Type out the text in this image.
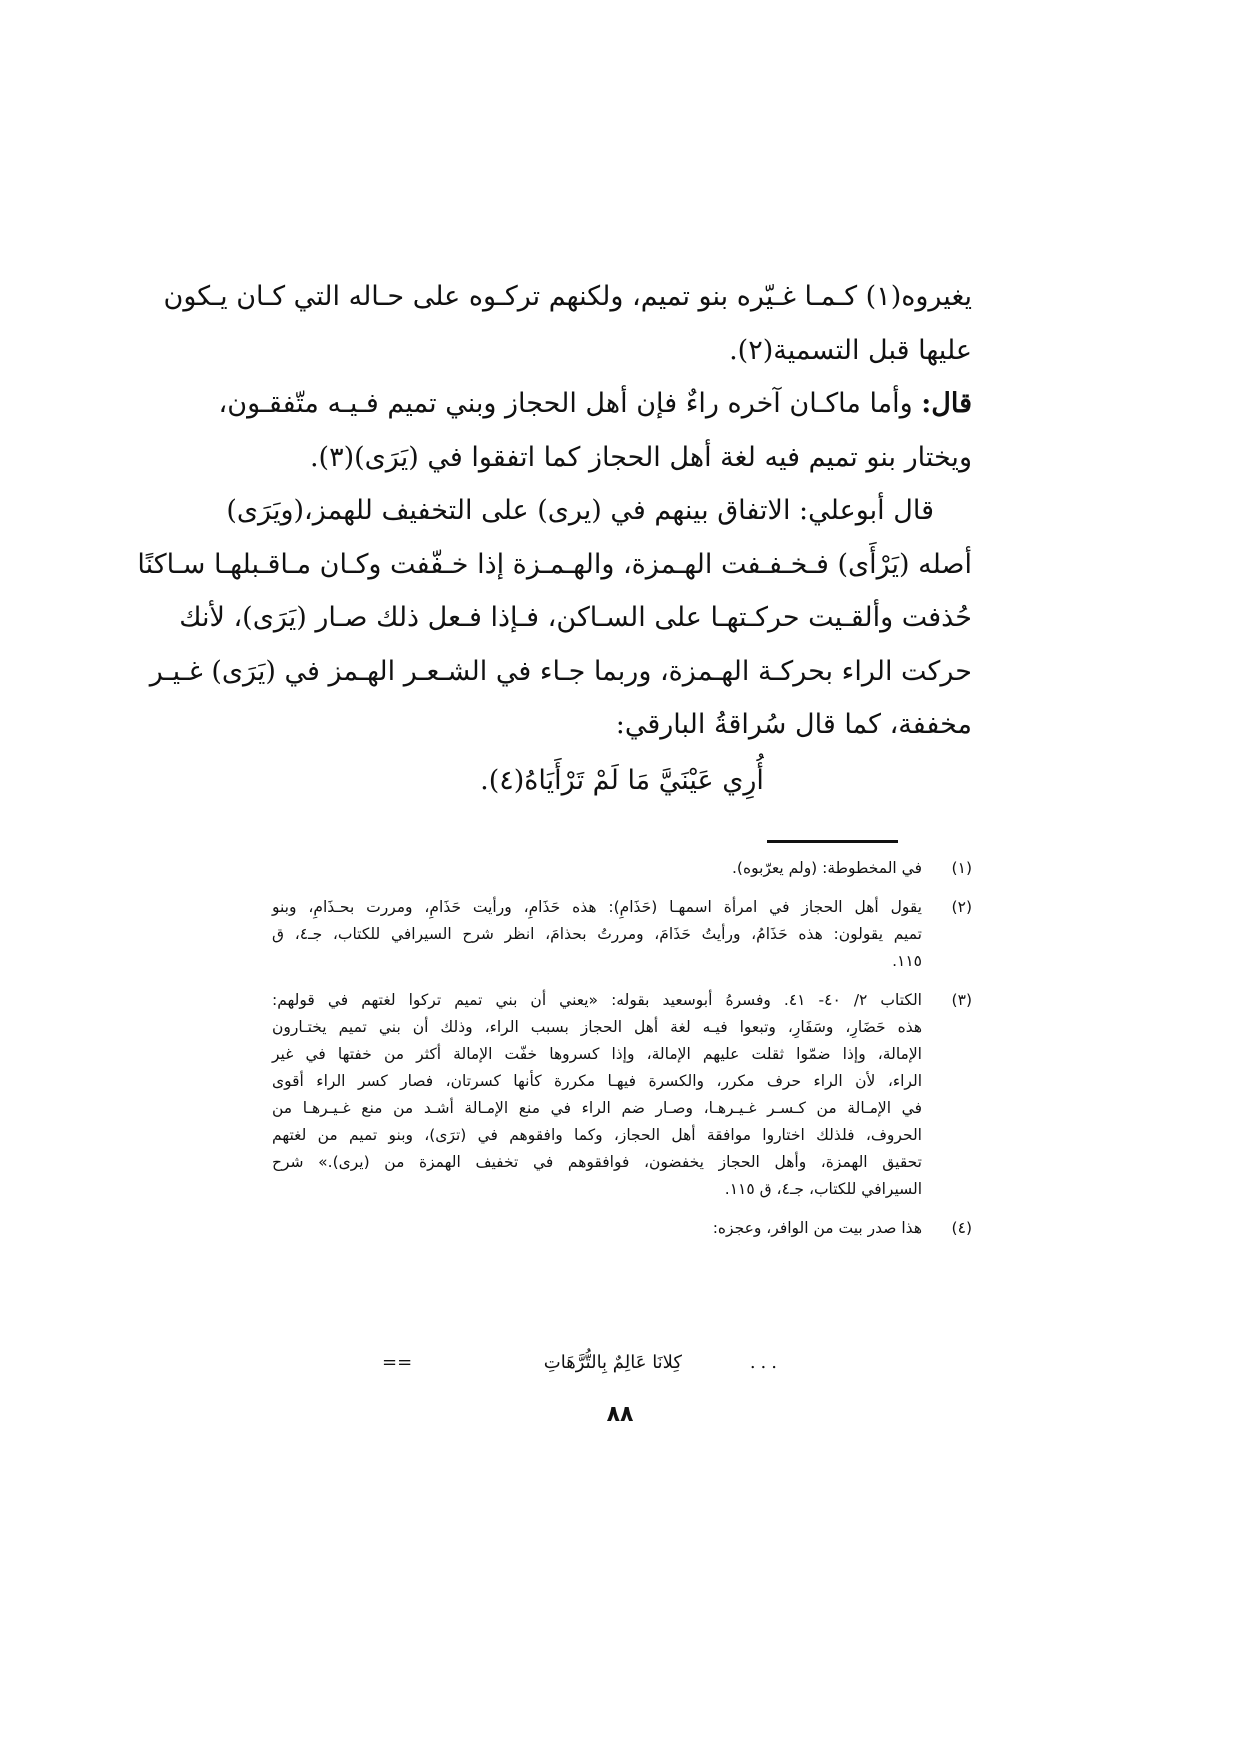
يغيروه(١) كـمـا غـيّره بنو تميم، ولكنهم تركـوه على حـاله التي كـان يـكون
عليها قبل التسمية(٢).
قال: وأما ماكـان آخره راءٌ فإن أهل الحجاز وبني تميم فـيـه متّفقـون،
ويختار بنو تميم فيه لغة أهل الحجاز كما اتفقوا في (يَرَى)(٣).
قال أبوعلي: الاتفاق بينهم في (يرى) على التخفيف للهمز،(ويَرَى)
أصله (يَرْأَى) فـخـفـفت الهـمزة، والهـمـزة إذا خـفّفت وكـان مـاقـبلهـا سـاكنًا
حُذفت وألقـيت حركـتهـا على السـاكن، فـإذا فـعل ذلك صـار (يَرَى)، لأنك
حركت الراء بحركـة الهـمزة، وربما جـاء في الشـعـر الهـمز في (يَرَى) غـيـر
مخففة، كما قال سُراقةُ البارقي:
أُرِي عَيْنَيَّ مَا لَمْ تَرْأَيَاهُ(٤).
(١)
في المخطوطة: (ولم يعرّبوه).
(٢)
يقول أهل الحجاز في امرأة اسمهـا (حَذَامِ): هذه حَذَامِ، ورأيت حَذَامِ، ومررت بحـذَامِ، وبنو
تميم يقولون: هذه حَذَامُ، ورأيتُ حَذَامَ، ومررتُ بحذامَ، انظر شرح السيرافي للكتاب، جـ٤، ق
١١٥.
(٣)
الكتاب ٢/ ٤٠- ٤١. وفسرهُ أبوسعيد بقوله: «يعني أن بني تميم تركوا لغتهم في قولهم:
هذه حَضَارِ، وسَفَارِ، وتبعوا فيـه لغة أهل الحجاز بسبب الراء، وذلك أن بني تميم يختـارون
الإمالة، وإذا ضمّوا ثقلت عليهم الإمالة، وإذا كسروها خفّت الإمالة أكثر من خفتها في غير
الراء، لأن الراء حرف مكرر، والكسرة فيهـا مكررة كأنها كسرتان، فصار كسر الراء أقوى
في الإمـالة من كـسـر غـيـرهـا، وصـار ضم الراء في منع الإمـالة أشـد من منع غـيـرهـا من
الحروف، فلذلك اختاروا موافقة أهل الحجاز، وكما وافقوهم في (ترَى)، وبنو تميم من لغتهم
تحقيق الهمزة، وأهل الحجاز يخفضون، فوافقوهم في تخفيف الهمزة من (يرى).» شرح
السيرافي للكتاب، جـ٤، ق ١١٥.
(٤)
هذا صدر بيت من الوافر، وعجزه:
...
كِلانَا عَالِمٌ بِالتُّرَّهَاتِ
==
٨٨
